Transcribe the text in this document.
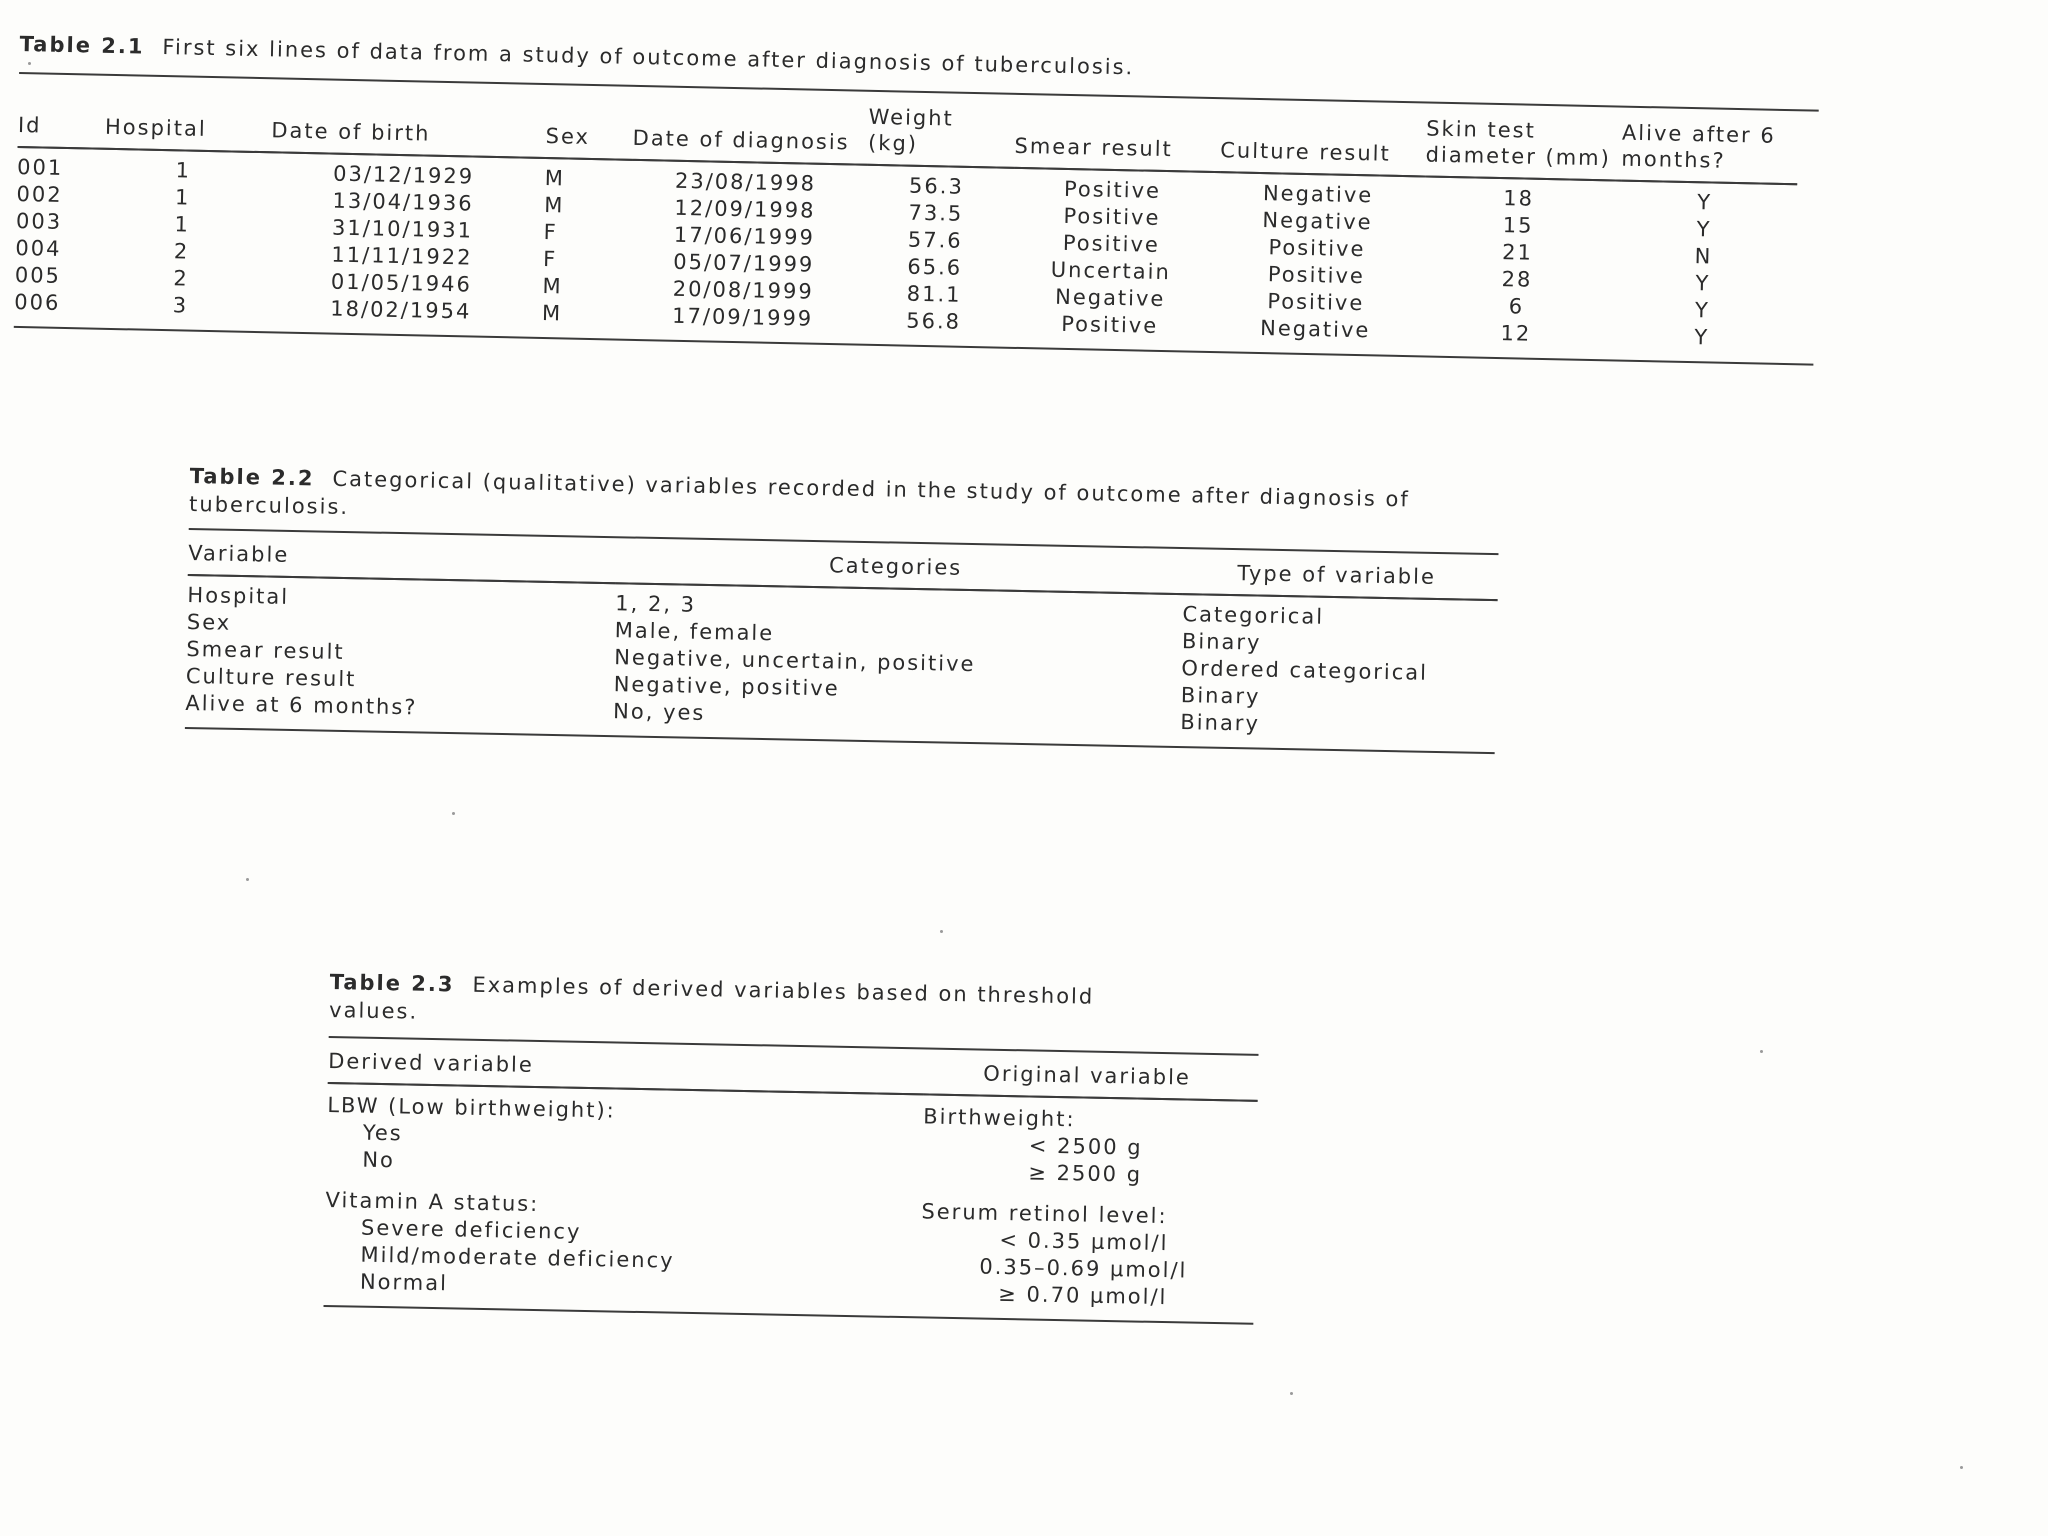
Table 2.1 First six lines of data from a study of outcome after diagnosis of tuberculosis.
Id	Hospital	Date of birth	Sex	Date of diagnosis	Weight (kg)	Smear result	Culture result	Skin test diameter (mm)	Alive after 6 months?
001	1	03/12/1929	M	23/08/1998	56.3	Positive	Negative	18	Y
002	1	13/04/1936	M	12/09/1998	73.5	Positive	Negative	15	Y
003	1	31/10/1931	F	17/06/1999	57.6	Positive	Positive	21	N
004	2	11/11/1922	F	05/07/1999	65.6	Uncertain	Positive	28	Y
005	2	01/05/1946	M	20/08/1999	81.1	Negative	Positive	6	Y
006	3	18/02/1954	M	17/09/1999	56.8	Positive	Negative	12	Y
Table 2.2 Categorical (qualitative) variables recorded in the study of outcome after diagnosis of tuberculosis.
Variable	Categories	Type of variable
Hospital	1, 2, 3	Categorical
Sex	Male, female	Binary
Smear result	Negative, uncertain, positive	Ordered categorical
Culture result	Negative, positive	Binary
Alive at 6 months?	No, yes	Binary
Table 2.3 Examples of derived variables based on threshold values.
Derived variable	Original variable
LBW (Low birthweight):	Birthweight:
Yes	< 2500 g
No	≥ 2500 g

Vitamin A status:	Serum retinol level:
Severe deficiency	< 0.35 µmol/l
Mild/moderate deficiency	0.35–0.69 µmol/l
Normal	≥ 0.70 µmol/l
